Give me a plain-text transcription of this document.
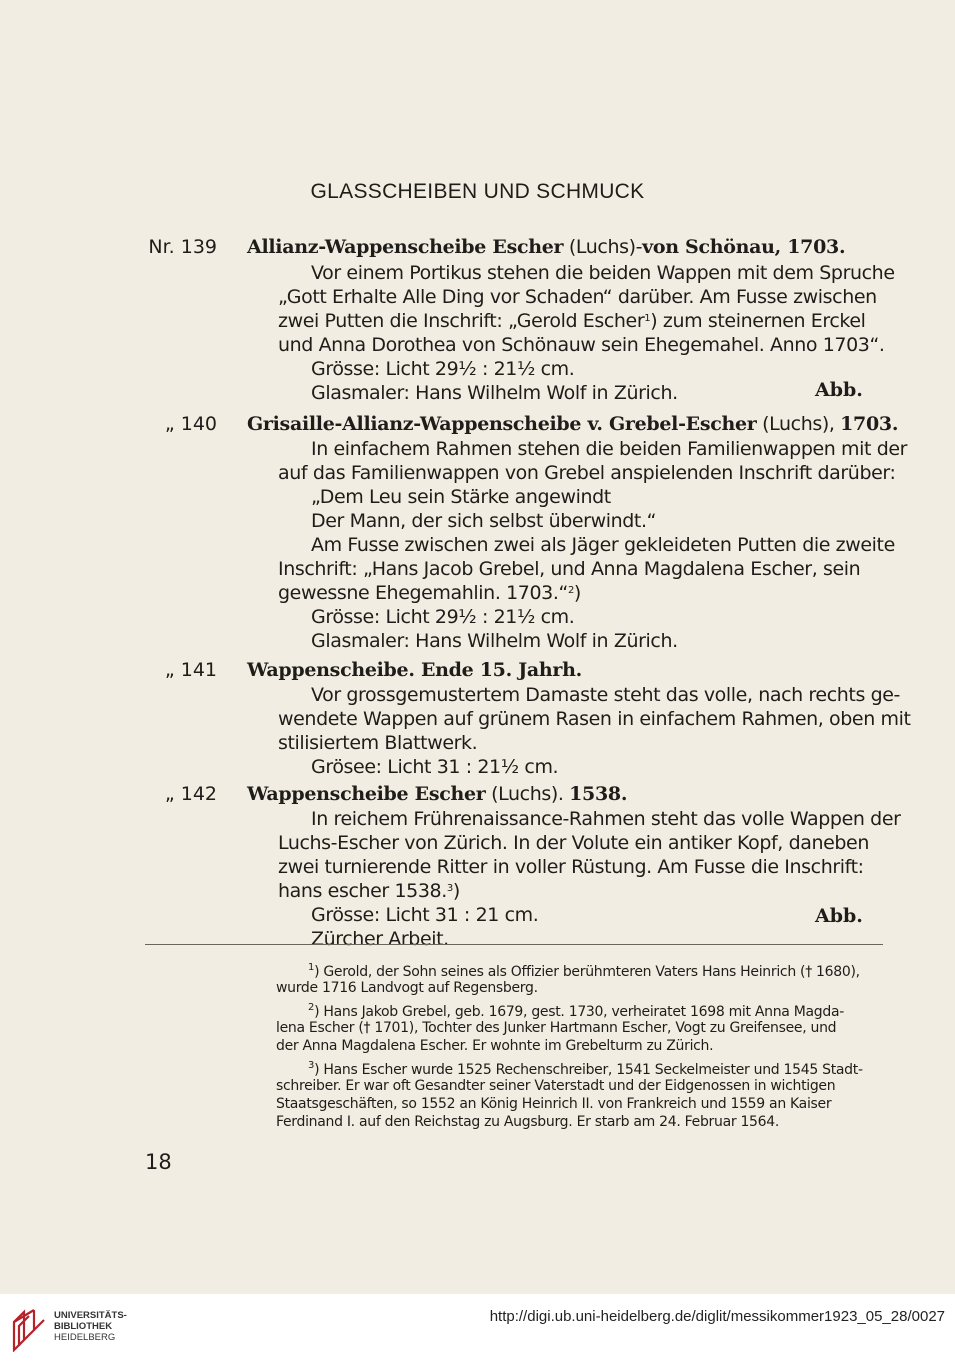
GLASSCHEIBEN UND SCHMUCK
Nr. 139 Allianz-Wappenscheibe Escher (Luchs)-von Schönau, 1703.
Vor einem Portikus stehen die beiden Wappen mit dem Spruche
„Gott Erhalte Alle Ding vor Schaden“ darüber. Am Fusse zwischen
zwei Putten die Inschrift: „Gerold Escher$^1$) zum steinernen Erckel
und Anna Dorothea von Schönauw sein Ehegemahel. Anno 1703“.
Grösse: Licht 29½ : 21½ cm.
Glasmaler: Hans Wilhelm Wolf in Zürich.	Abb.
„ 140 Grisaille-Allianz-Wappenscheibe v. Grebel-Escher (Luchs), 1703.
In einfachem Rahmen stehen die beiden Familienwappen mit der
auf das Familienwappen von Grebel anspielenden Inschrift darüber:
„Dem Leu sein Stärke angewindt
Der Mann, der sich selbst überwindt.“
Am Fusse zwischen zwei als Jäger gekleideten Putten die zweite
Inschrift: „Hans Jacob Grebel, und Anna Magdalena Escher, sein
gewessne Ehegemahlin. 1703.“$^2$)
Grösse: Licht 29½ : 21½ cm.
Glasmaler: Hans Wilhelm Wolf in Zürich.
„ 141 Wappenscheibe. Ende 15. Jahrh.
Vor grossgemustertem Damaste steht das volle, nach rechts ge-
wendete Wappen auf grünem Rasen in einfachem Rahmen, oben mit
stilisiertem Blattwerk.
Grösee: Licht 31 : 21½ cm.
„ 142 Wappenscheibe Escher (Luchs). 1538.
In reichem Frührenaissance-Rahmen steht das volle Wappen der
Luchs-Escher von Zürich. In der Volute ein antiker Kopf, daneben
zwei turnierende Ritter in voller Rüstung. Am Fusse die Inschrift:
hans escher 1538.$^3$)
Grösse: Licht 31 : 21 cm.
Zürcher Arbeit.
Abb.
$^1$) Gerold, der Sohn seines als Offizier berühmteren Vaters Hans Heinrich († 1680),
wurde 1716 Landvogt auf Regensberg.
$^2$) Hans Jakob Grebel, geb. 1679, gest. 1730, verheiratet 1698 mit Anna Magda-
lena Escher († 1701), Tochter des Junker Hartmann Escher, Vogt zu Greifensee, und
der Anna Magdalena Escher. Er wohnte im Grebelturm zu Zürich.
$^3$) Hans Escher wurde 1525 Rechenschreiber, 1541 Seckelmeister und 1545 Stadt-
schreiber. Er war oft Gesandter seiner Vaterstadt und der Eidgenossen in wichtigen
Staatsgeschäften, so 1552 an König Heinrich II. von Frankreich und 1559 an Kaiser
Ferdinand I. auf den Reichstag zu Augsburg. Er starb am 24. Februar 1564.
18
UNIVERSITÄTS-
BIBLIOTHEK
HEIDELBERG
http://digi.ub.uni-heidelberg.de/diglit/messikommer1923_05_28/0027
